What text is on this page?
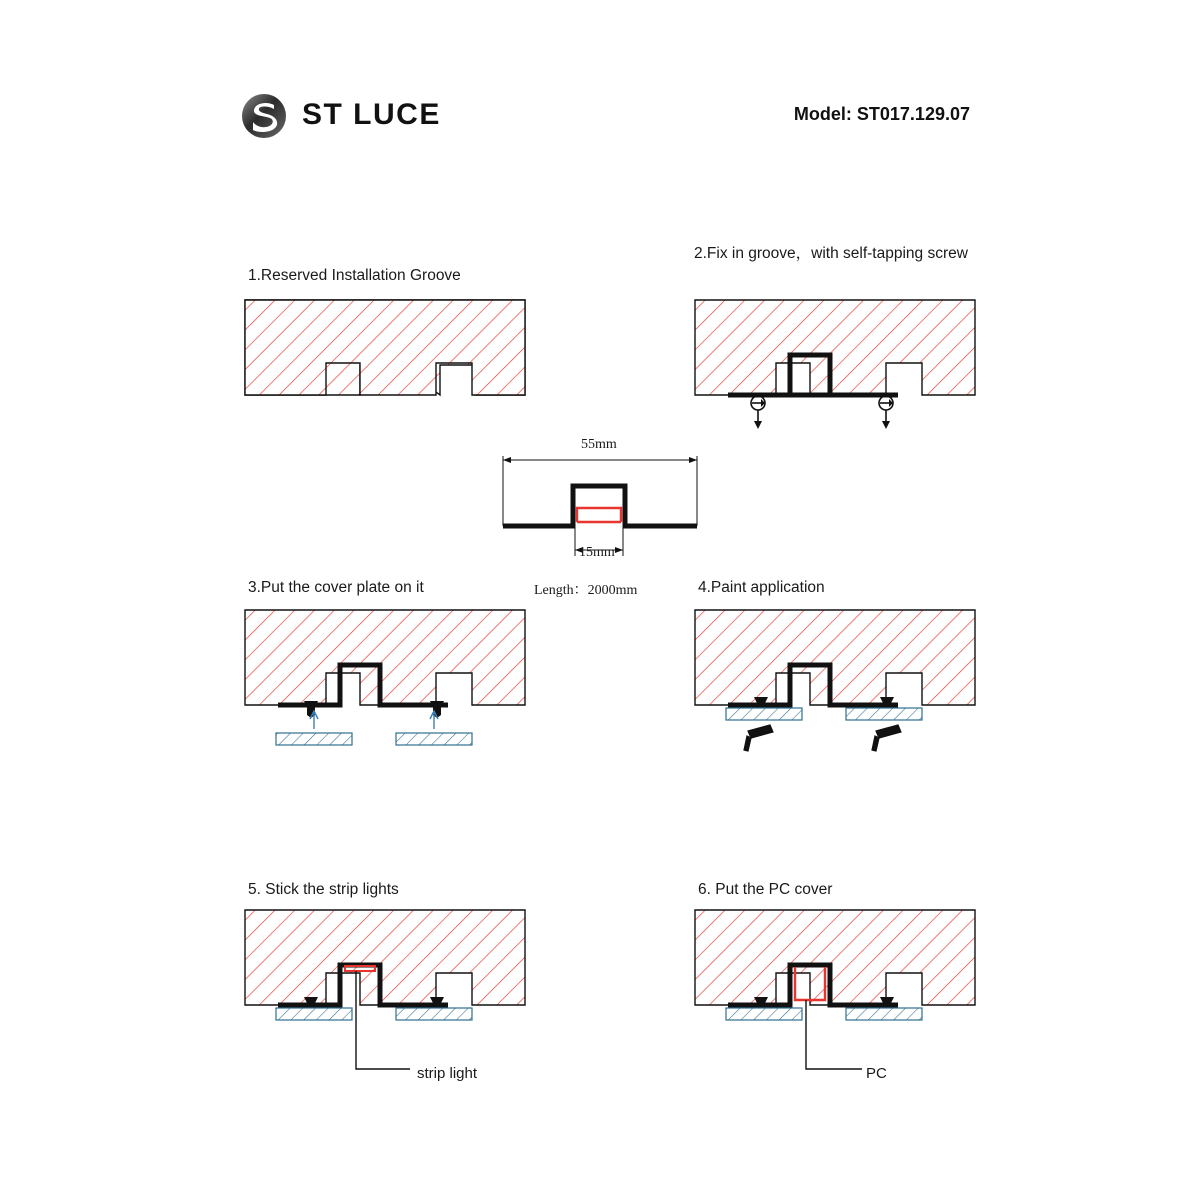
ST LUCE	Model: ST017.129.07
1.Reserved Installation Groove
2.Fix in groove，with self-tapping screw
3.Put the cover plate on it	4.Paint application
5. Stick the strip lights	6. Put the PC cover
Length：2000mm
strip light	PC
55mm
15mm
